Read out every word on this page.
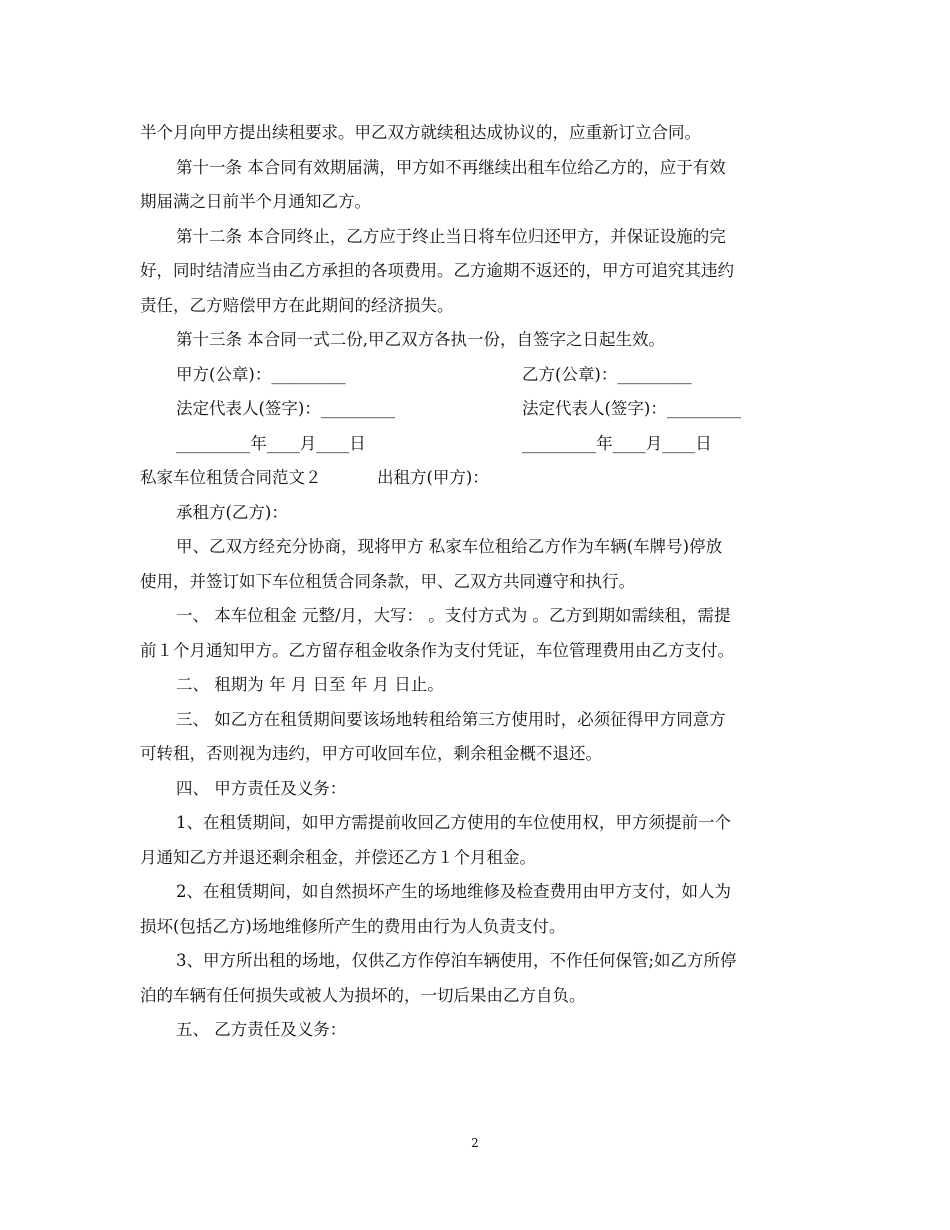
半个月向甲方提出续租要求。甲乙双方就续租达成协议的，应重新订立合同。

第十一条 本合同有效期届满，甲方如不再继续出租车位给乙方的，应于有效

期届满之日前半个月通知乙方。

第十二条 本合同终止，乙方应于终止当日将车位归还甲方，并保证设施的完

好，同时结清应当由乙方承担的各项费用。乙方逾期不返还的，甲方可追究其违约

责任，乙方赔偿甲方在此期间的经济损失。

第十三条 本合同一式二份,甲乙双方各执一份，自签字之日起生效。

甲方(公章)：_________	乙方(公章)：_________
法定代表人(签字)：_________	法定代表人(签字)：_________
_________年____月____日	_________年____月____日

私家车位租赁合同范文２	出租方(甲方)：

承租方(乙方)：

甲、乙双方经充分协商，现将甲方 私家车位租给乙方作为车辆(车牌号)停放

使用，并签订如下车位租赁合同条款，甲、乙双方共同遵守和执行。

一、 本车位租金 元整/月，大写： 。支付方式为 。乙方到期如需续租，需提

前１个月通知甲方。乙方留存租金收条作为支付凭证，车位管理费用由乙方支付。

二、 租期为 年 月 日至 年 月 日止。

三、 如乙方在租赁期间要该场地转租给第三方使用时，必须征得甲方同意方

可转租，否则视为违约，甲方可收回车位，剩余租金概不退还。

四、 甲方责任及义务：

1、在租赁期间，如甲方需提前收回乙方使用的车位使用权，甲方须提前一个

月通知乙方并退还剩余租金，并偿还乙方１个月租金。

2、在租赁期间，如自然损坏产生的场地维修及检查费用由甲方支付，如人为

损坏(包括乙方)场地维修所产生的费用由行为人负责支付。

3、甲方所出租的场地，仅供乙方作停泊车辆使用，不作任何保管;如乙方所停

泊的车辆有任何损失或被人为损坏的，一切后果由乙方自负。

五、 乙方责任及义务：

2
